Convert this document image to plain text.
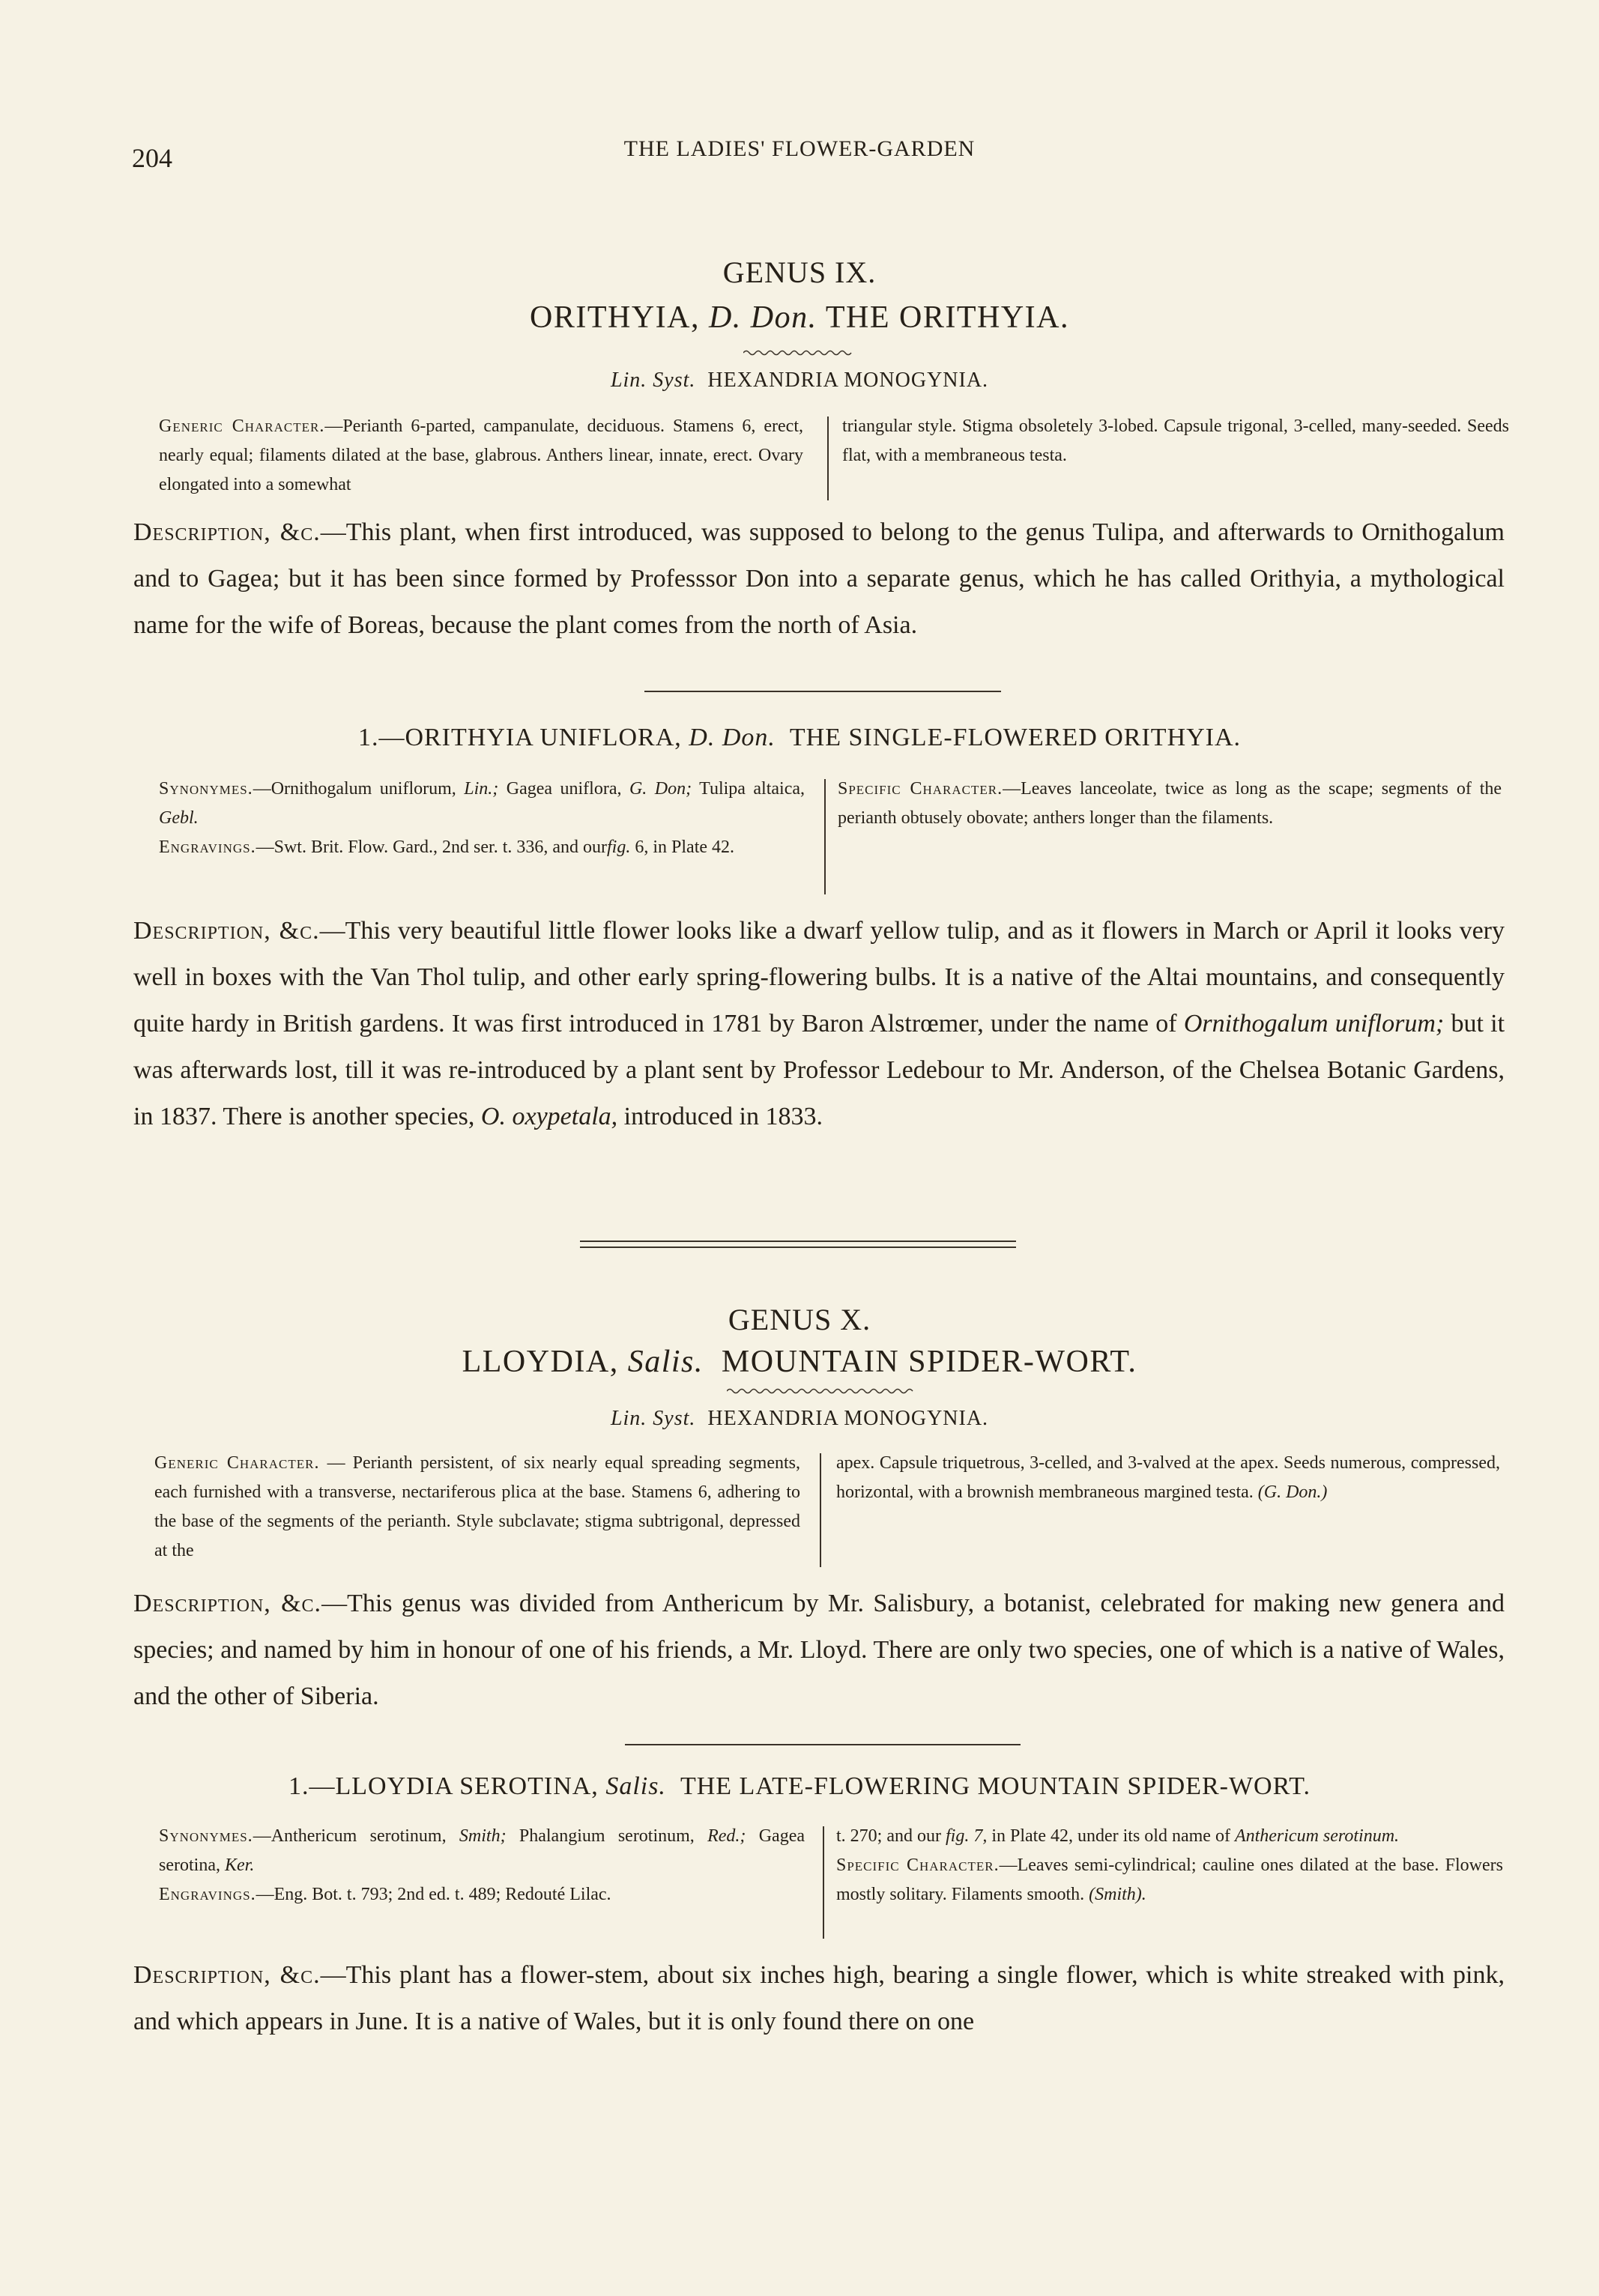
204	THE LADIES' FLOWER-GARDEN
GENUS IX.
ORITHYIA, D. Don. THE ORITHYIA.
Lin. Syst. HEXANDRIA MONOGYNIA.
Generic Character.—Perianth 6-parted, campanulate, deciduous. Stamens 6, erect, nearly equal; filaments dilated at the base, glabrous. Anthers linear, innate, erect. Ovary elongated into a somewhat
triangular style. Stigma obsoletely 3-lobed. Capsule trigonal, 3-celled, many-seeded. Seeds flat, with a membraneous testa.
Description, &c.—This plant, when first introduced, was supposed to belong to the genus Tulipa, and afterwards to Ornithogalum and to Gagea; but it has been since formed by Professsor Don into a separate genus, which he has called Orithyia, a mythological name for the wife of Boreas, because the plant comes from the north of Asia.
1.—ORITHYIA UNIFLORA, D. Don. THE SINGLE-FLOWERED ORITHYIA.
Synonymes.—Ornithogalum uniflorum, Lin.; Gagea uniflora, G. Don; Tulipa altaica, Gebl.
Engravings.—Swt. Brit. Flow. Gard., 2nd ser. t. 336, and ourfig. 6, in Plate 42.
Specific Character.—Leaves lanceolate, twice as long as the scape; segments of the perianth obtusely obovate; anthers longer than the filaments.
Description, &c.—This very beautiful little flower looks like a dwarf yellow tulip, and as it flowers in March or April it looks very well in boxes with the Van Thol tulip, and other early spring-flowering bulbs. It is a native of the Altai mountains, and consequently quite hardy in British gardens. It was first introduced in 1781 by Baron Alstrœmer, under the name of Ornithogalum uniflorum; but it was afterwards lost, till it was re-introduced by a plant sent by Professor Ledebour to Mr. Anderson, of the Chelsea Botanic Gardens, in 1837. There is another species, O. oxypetala, introduced in 1833.
GENUS X.
LLOYDIA, Salis. MOUNTAIN SPIDER-WORT.
Lin. Syst. HEXANDRIA MONOGYNIA.
Generic Character. — Perianth persistent, of six nearly equal spreading segments, each furnished with a transverse, nectariferous plica at the base. Stamens 6, adhering to the base of the segments of the perianth. Style subclavate; stigma subtrigonal, depressed at the
apex. Capsule triquetrous, 3-celled, and 3-valved at the apex. Seeds numerous, compressed, horizontal, with a brownish membraneous margined testa. (G. Don.)
Description, &c.—This genus was divided from Anthericum by Mr. Salisbury, a botanist, celebrated for making new genera and species; and named by him in honour of one of his friends, a Mr. Lloyd. There are only two species, one of which is a native of Wales, and the other of Siberia.
1.—LLOYDIA SEROTINA, Salis. THE LATE-FLOWERING MOUNTAIN SPIDER-WORT.
Synonymes.—Anthericum serotinum, Smith; Phalangium serotinum, Red.; Gagea serotina, Ker.
Engravings.—Eng. Bot. t. 793; 2nd ed. t. 489; Redouté Lilac.
t. 270; and our fig. 7, in Plate 42, under its old name of Anthericum serotinum.
Specific Character.—Leaves semi-cylindrical; cauline ones dilated at the base. Flowers mostly solitary. Filaments smooth. (Smith).
Description, &c.—This plant has a flower-stem, about six inches high, bearing a single flower, which is white streaked with pink, and which appears in June. It is a native of Wales, but it is only found there on one
